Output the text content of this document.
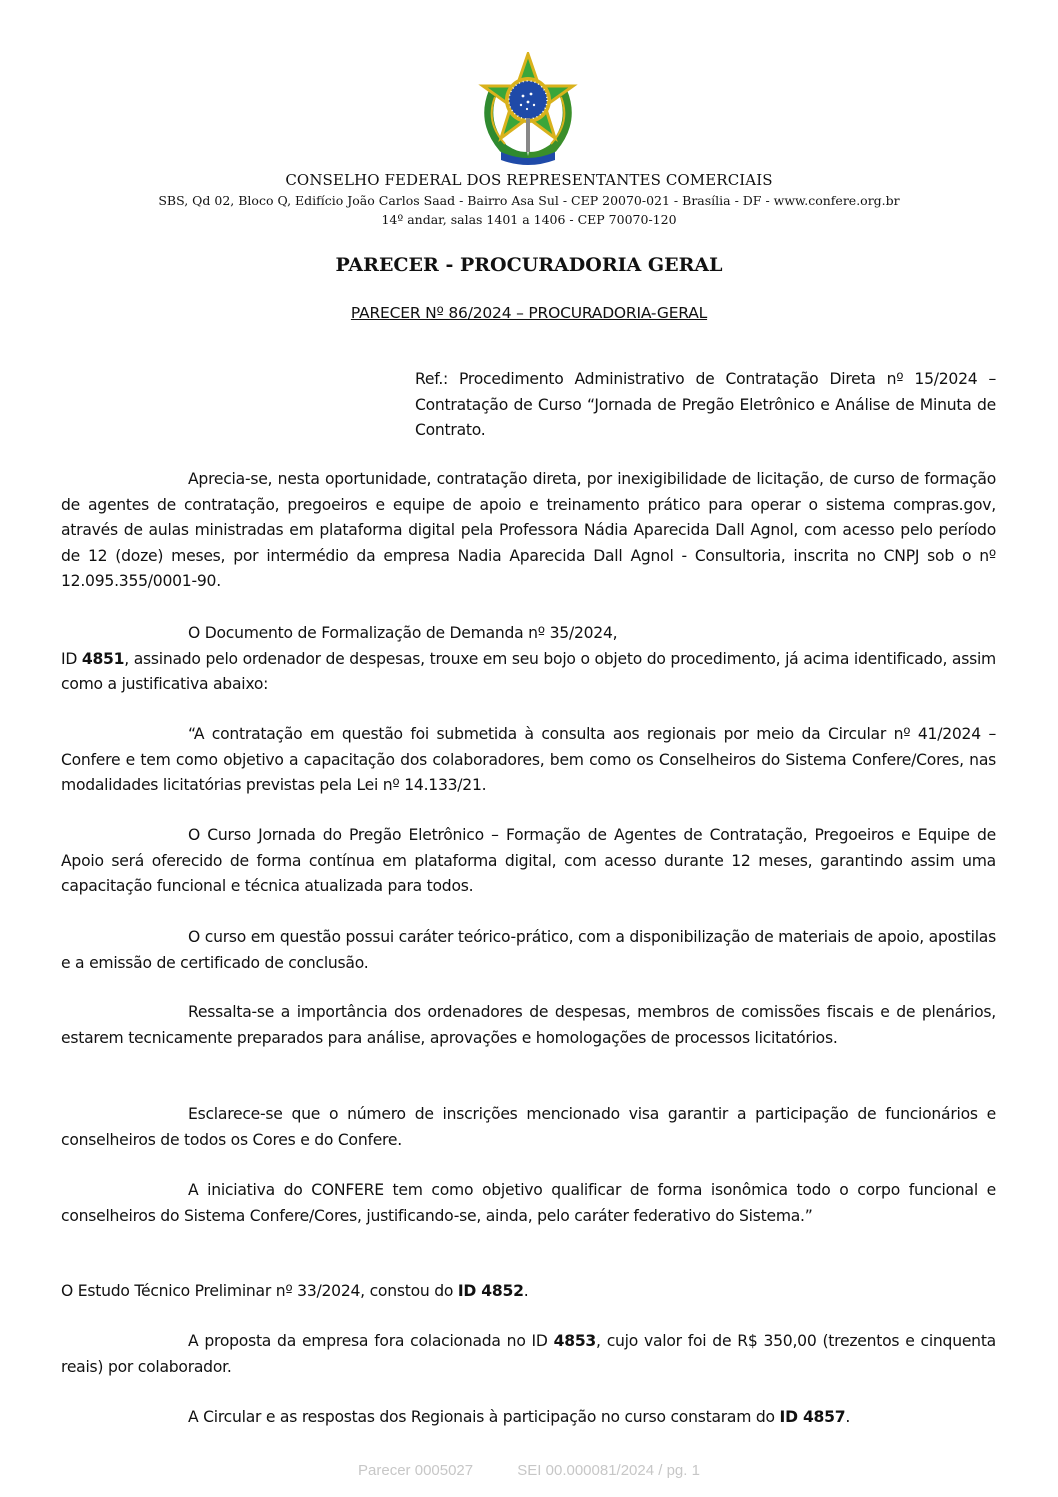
CONSELHO FEDERAL DOS REPRESENTANTES COMERCIAIS
SBS, Qd 02, Bloco Q, Edifício João Carlos Saad - Bairro Asa Sul - CEP 20070-021 - Brasília - DF - www.confere.org.br
14º andar, salas 1401 a 1406 - CEP 70070-120
PARECER - PROCURADORIA GERAL
PARECER Nº 86/2024 – PROCURADORIA-GERAL
Ref.: Procedimento Administrativo de Contratação Direta nº 15/2024 – Contratação de Curso “Jornada de Pregão Eletrônico e Análise de Minuta de Contrato.

Aprecia-se, nesta oportunidade, contratação direta, por inexigibilidade de licitação, de curso de formação de agentes de contratação, pregoeiros e equipe de apoio e treinamento prático para operar o sistema compras.gov, através de aulas ministradas em plataforma digital pela Professora Nádia Aparecida Dall Agnol, com acesso pelo período de 12 (doze) meses, por intermédio da empresa Nadia Aparecida Dall Agnol - Consultoria, inscrita no CNPJ sob o nº 12.095.355/0001-90.

O Documento de Formalização de Demanda nº 35/2024,
ID 4851, assinado pelo ordenador de despesas, trouxe em seu bojo o objeto do procedimento, já acima identificado, assim como a justificativa abaixo:

“A contratação em questão foi submetida à consulta aos regionais por meio da Circular nº 41/2024 – Confere e tem como objetivo a capacitação dos colaboradores, bem como os Conselheiros do Sistema Confere/Cores, nas modalidades licitatórias previstas pela Lei nº 14.133/21.

O Curso Jornada do Pregão Eletrônico – Formação de Agentes de Contratação, Pregoeiros e Equipe de Apoio será oferecido de forma contínua em plataforma digital, com acesso durante 12 meses, garantindo assim uma capacitação funcional e técnica atualizada para todos.

O curso em questão possui caráter teórico-prático, com a disponibilização de materiais de apoio, apostilas e a emissão de certificado de conclusão.

Ressalta-se a importância dos ordenadores de despesas, membros de comissões fiscais e de plenários, estarem tecnicamente preparados para análise, aprovações e homologações de processos licitatórios.

Esclarece-se que o número de inscrições mencionado visa garantir a participação de funcionários e conselheiros de todos os Cores e do Confere.

A iniciativa do CONFERE tem como objetivo qualificar de forma isonômica todo o corpo funcional e conselheiros do Sistema Confere/Cores, justificando-se, ainda, pelo caráter federativo do Sistema.”

O Estudo Técnico Preliminar nº 33/2024, constou do ID 4852.

A proposta da empresa fora colacionada no ID 4853, cujo valor foi de R$ 350,00 (trezentos e cinquenta reais) por colaborador.

A Circular e as respostas dos Regionais à participação no curso constaram do ID 4857.

Parecer 0005027	SEI 00.000081/2024 / pg. 1
